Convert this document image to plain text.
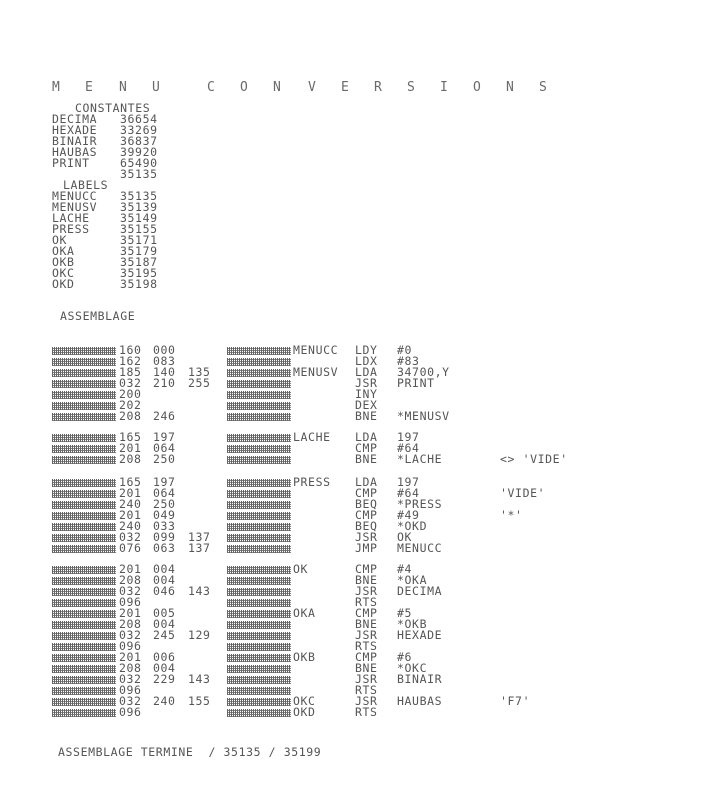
M E N U	C O N V E R S I O N S
CONSTANTES
DECIMA 36654
HEXADE 33269
BINAIR 36837
HAUBAS 39920
PRINT	65490
35135
LABELS
MENUCC 35135
MENUSV 35139
LACHE	35149
PRESS	35155
OK	35171
OKA	35179
OKB	35187
OKC	35195
OKD	35198
ASSEMBLAGE
160 000	MENUCC LDY #0
162 083	LDX #83
185 140 135	MENUSV LDA 34700,Y
032 210 255	JSR PRINT
200	INY
202	DEX
208 246	BNE *MENUSV
165 197	LACHE LDA 197
201 064	CMP #64
208 250	BNE *LACHE	<> 'VIDE'
165 197	PRESS LDA 197
201 064	CMP #64	'VIDE'
240 250	BEQ *PRESS
201 049	CMP #49	'*'
240 033	BEQ *OKD
032 099 137	JSR OK
076 063 137	JMP MENUCC
201 004	OK	CMP #4
208 004	BNE *OKA
032 046 143	JSR DECIMA
096	RTS
201 005	OKA	CMP #5
208 004	BNE *OKB
032 245 129	JSR HEXADE
096	RTS
201 006	OKB	CMP #6
208 004	BNE *OKC
032 229 143	JSR BINAIR
096	RTS
032 240 155	OKC	JSR HAUBAS	'F7'
096	OKD	RTS
ASSEMBLAGE TERMINE  / 35135 / 35199
